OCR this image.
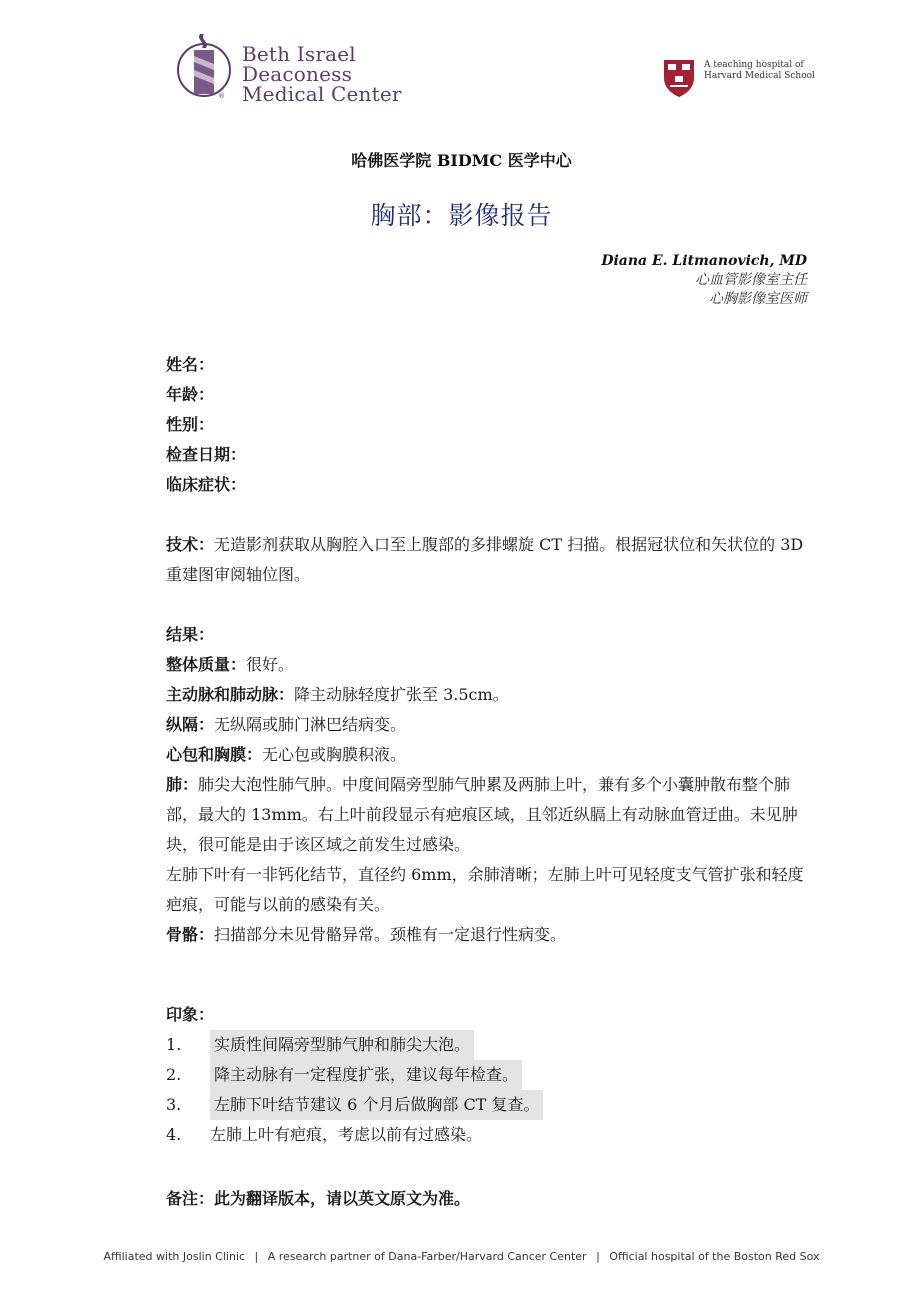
®
Beth Israel Deaconess
Medical Center
A teaching hospital of
Harvard Medical School
哈佛医学院 BIDMC 医学中心
胸部：影像报告
Diana E. Litmanovich, MD
心血管影像室主任
心胸影像室医师
姓名：
年龄：
性别：
检查日期：
临床症状：
技术：无造影剂获取从胸腔入口至上腹部的多排螺旋 CT 扫描。根据冠状位和矢状位的 3D 重建图审阅轴位图。
结果：
整体质量：很好。
主动脉和肺动脉：降主动脉轻度扩张至 3.5cm。
纵隔：无纵隔或肺门淋巴结病变。
心包和胸膜：无心包或胸膜积液。
肺：肺尖大泡性肺气肿。中度间隔旁型肺气肿累及两肺上叶，兼有多个小囊肿散布整个肺部，最大的 13mm。右上叶前段显示有疤痕区域，且邻近纵膈上有动脉血管迂曲。未见肿块，很可能是由于该区域之前发生过感染。
左肺下叶有一非钙化结节，直径约 6mm，余肺清晰；左肺上叶可见轻度支气管扩张和轻度疤痕，可能与以前的感染有关。
骨骼：扫描部分未见骨骼异常。颈椎有一定退行性病变。
印象：
1.	实质性间隔旁型肺气肿和肺尖大泡。
2.	降主动脉有一定程度扩张，建议每年检查。
3.	左肺下叶结节建议 6 个月后做胸部 CT 复查。
4.	左肺上叶有疤痕，考虑以前有过感染。
备注：此为翻译版本，请以英文原文为准。
Affiliated with Joslin Clinic | A research partner of Dana-Farber/Harvard Cancer Center | Official hospital of the Boston Red Sox
